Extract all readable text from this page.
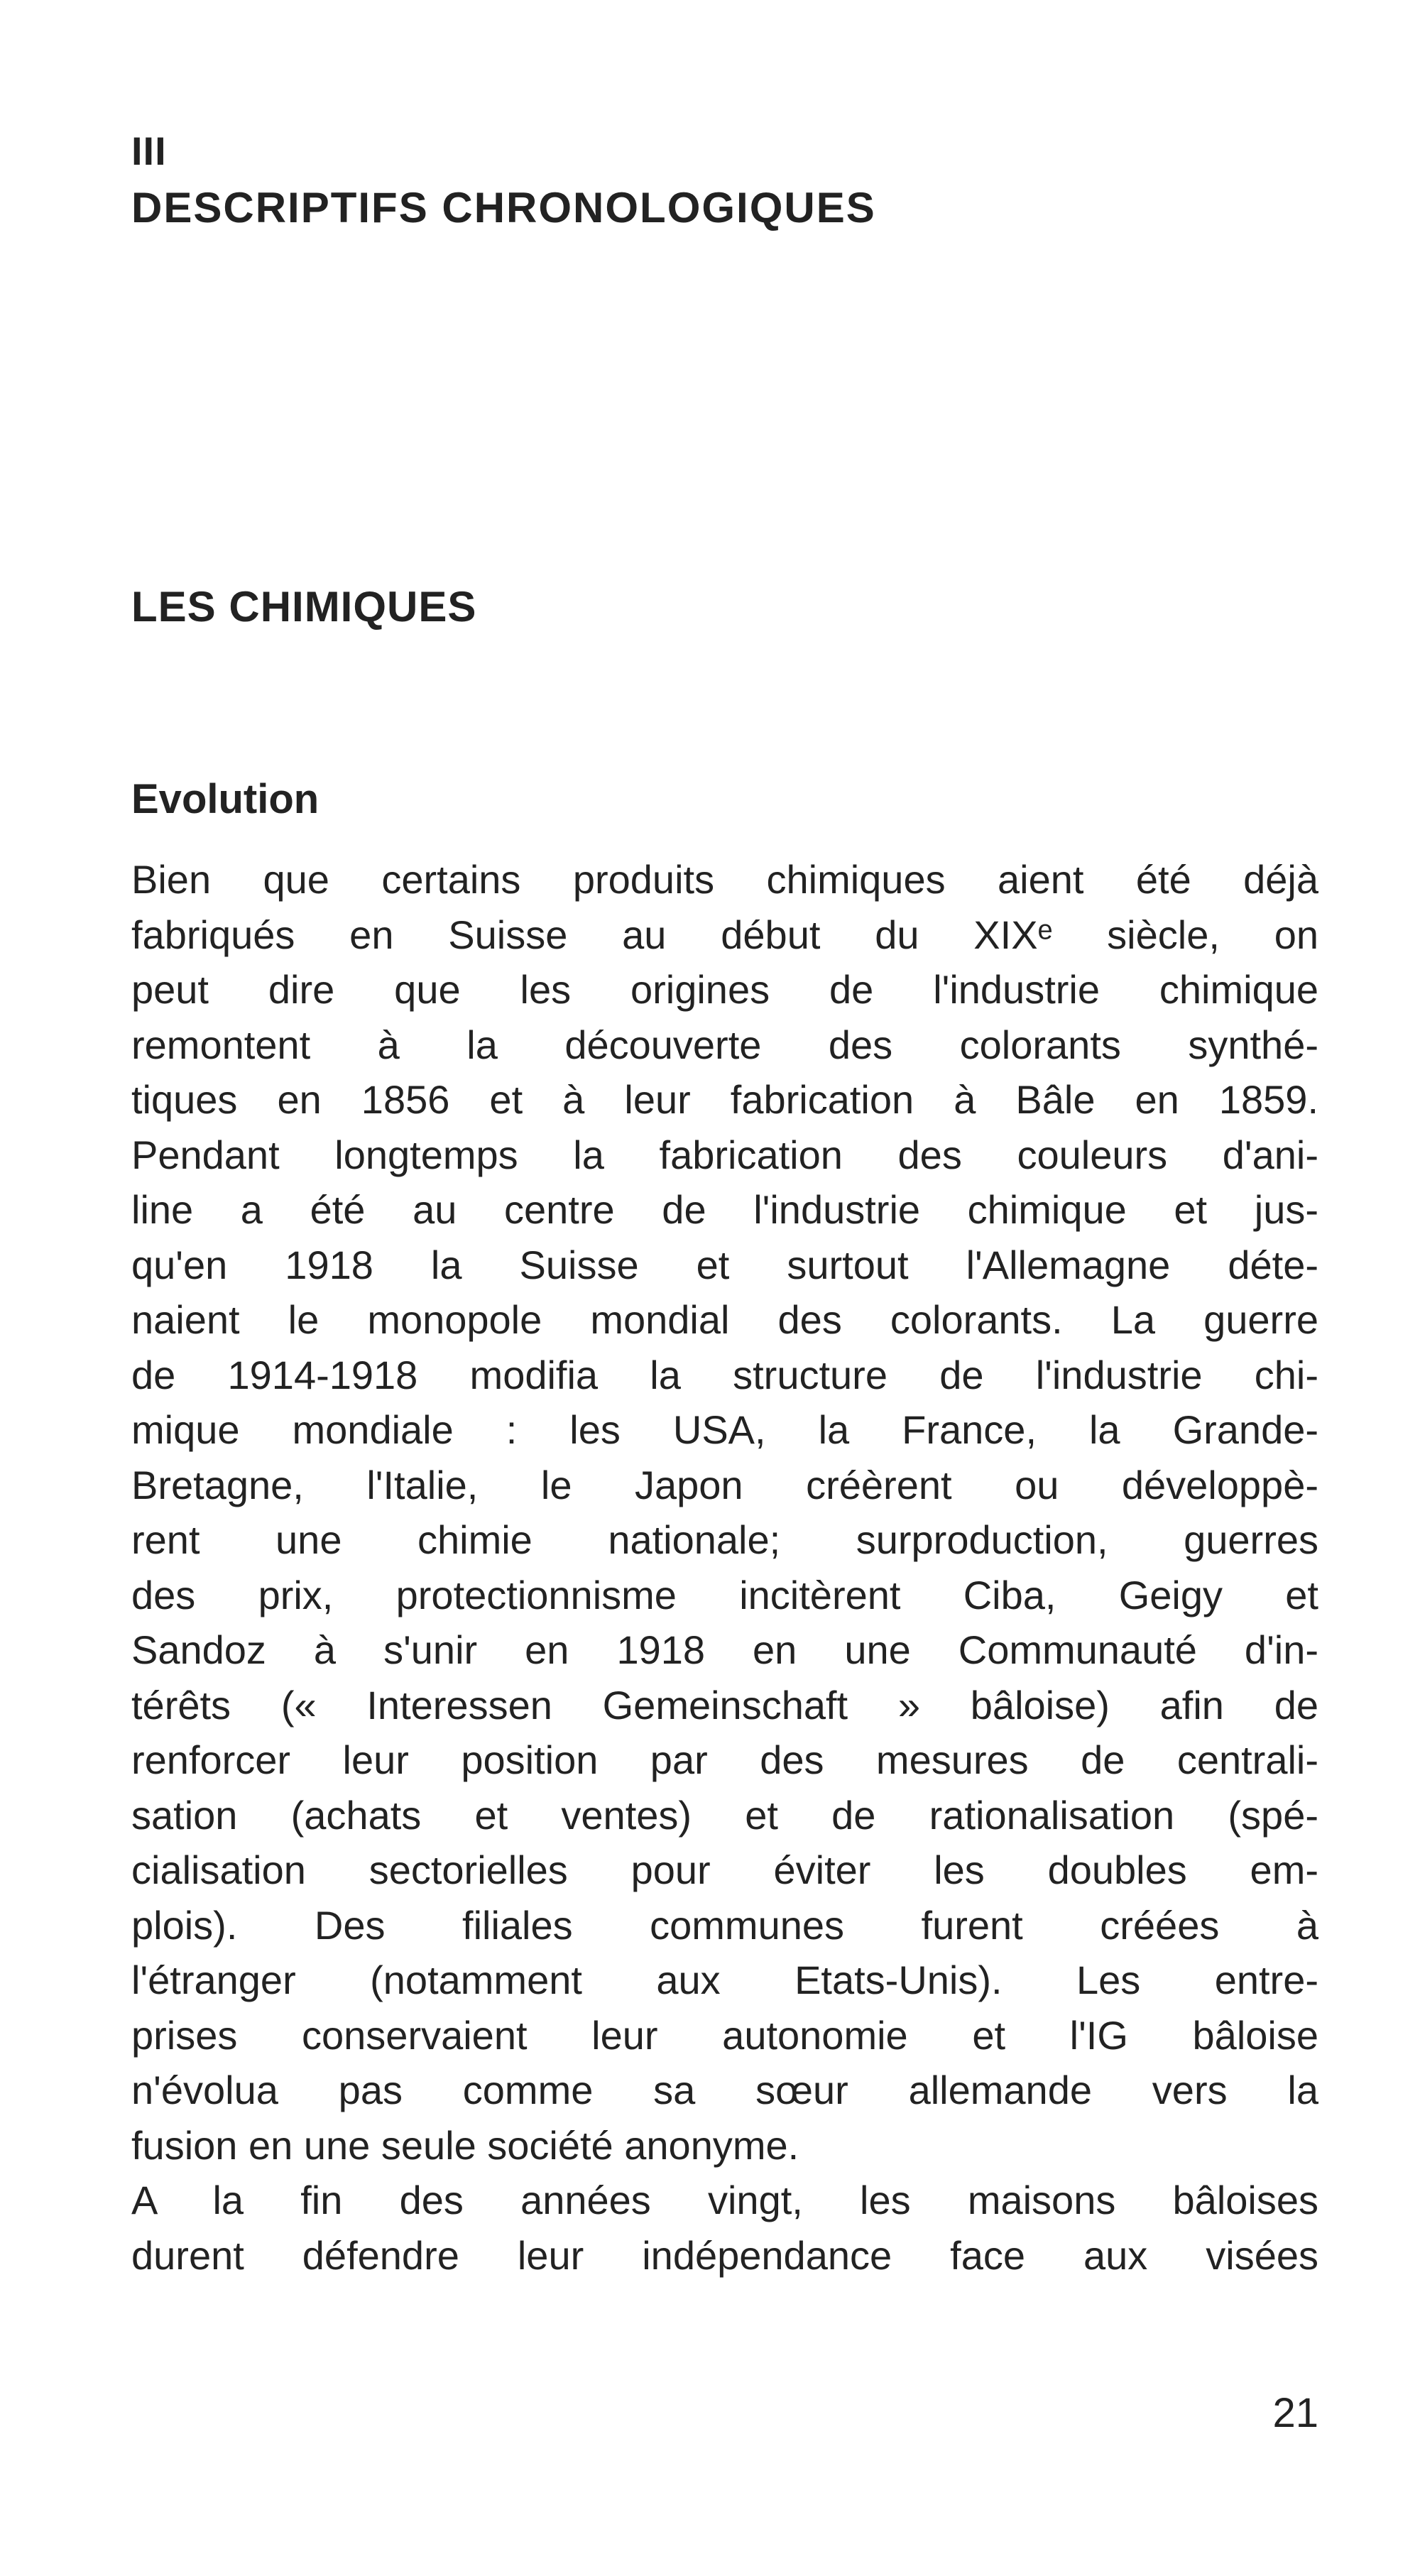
III

DESCRIPTIFS CHRONOLOGIQUES
LES CHIMIQUES
Evolution
Bien que certains produits chimiques aient été déjà
fabriqués en Suisse au début du XIXᵉ siècle, on
peut dire que les origines de l'industrie chimique
remontent à la découverte des colorants synthé-
tiques en 1856 et à leur fabrication à Bâle en 1859.
Pendant longtemps la fabrication des couleurs d'ani-
line a été au centre de l'industrie chimique et jus-
qu'en 1918 la Suisse et surtout l'Allemagne déte-
naient le monopole mondial des colorants. La guerre
de 1914-1918 modifia la structure de l'industrie chi-
mique mondiale : les USA, la France, la Grande-
Bretagne, l'Italie, le Japon créèrent ou développè-
rent une chimie nationale; surproduction, guerres
des prix, protectionnisme incitèrent Ciba, Geigy et
Sandoz à s'unir en 1918 en une Communauté d'in-
térêts (« Interessen Gemeinschaft » bâloise) afin de
renforcer leur position par des mesures de centrali-
sation (achats et ventes) et de rationalisation (spé-
cialisation sectorielles pour éviter les doubles em-
plois). Des filiales communes furent créées à
l'étranger (notamment aux Etats-Unis). Les entre-
prises conservaient leur autonomie et l'IG bâloise
n'évolua pas comme sa sœur allemande vers la
fusion en une seule société anonyme.
A la fin des années vingt, les maisons bâloises
durent défendre leur indépendance face aux visées

21
